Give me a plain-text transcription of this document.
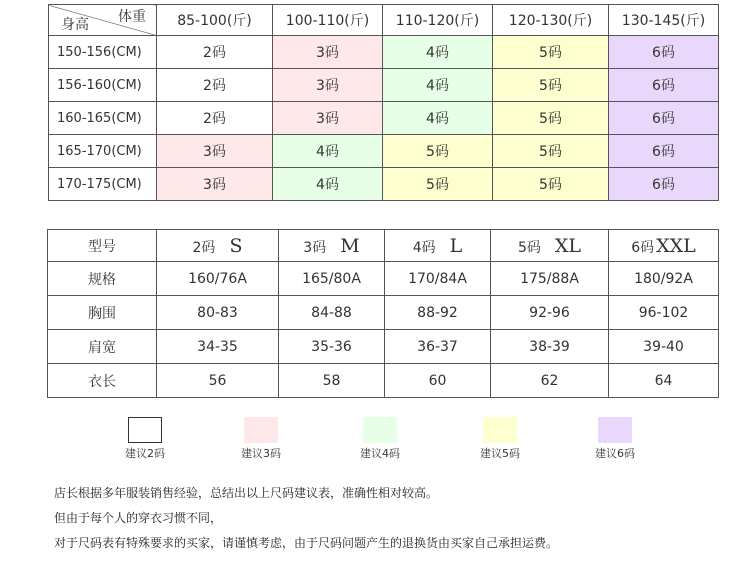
体重
身高	85-100(斤)	100-110(斤)	110-120(斤)	120-130(斤)	130-145(斤)
150-156(CM)	2码	3码	4码	5码	6码
156-160(CM)	2码	3码	4码	5码	6码
160-165(CM)	2码	3码	4码	5码	6码
165-170(CM)	3码	4码	5码	5码	6码
170-175(CM)	3码	4码	5码	5码	6码
型号	2码 S	3码 M	4码 L	5码 XL	6码 XXL
规格	160/76A	165/80A	170/84A	175/88A	180/92A
胸围	80-83	84-88	88-92	92-96	96-102
肩宽	34-35	35-36	36-37	38-39	39-40
衣长	56	58	60	62	64
建议2码	建议3码	建议4码	建议5码	建议6码
店长根据多年服装销售经验，总结出以上尺码建议表，准确性相对较高。
但由于每个人的穿衣习惯不同，
对于尺码表有特殊要求的买家，请谨慎考虑，由于尺码问题产生的退换货由买家自己承担运费。
